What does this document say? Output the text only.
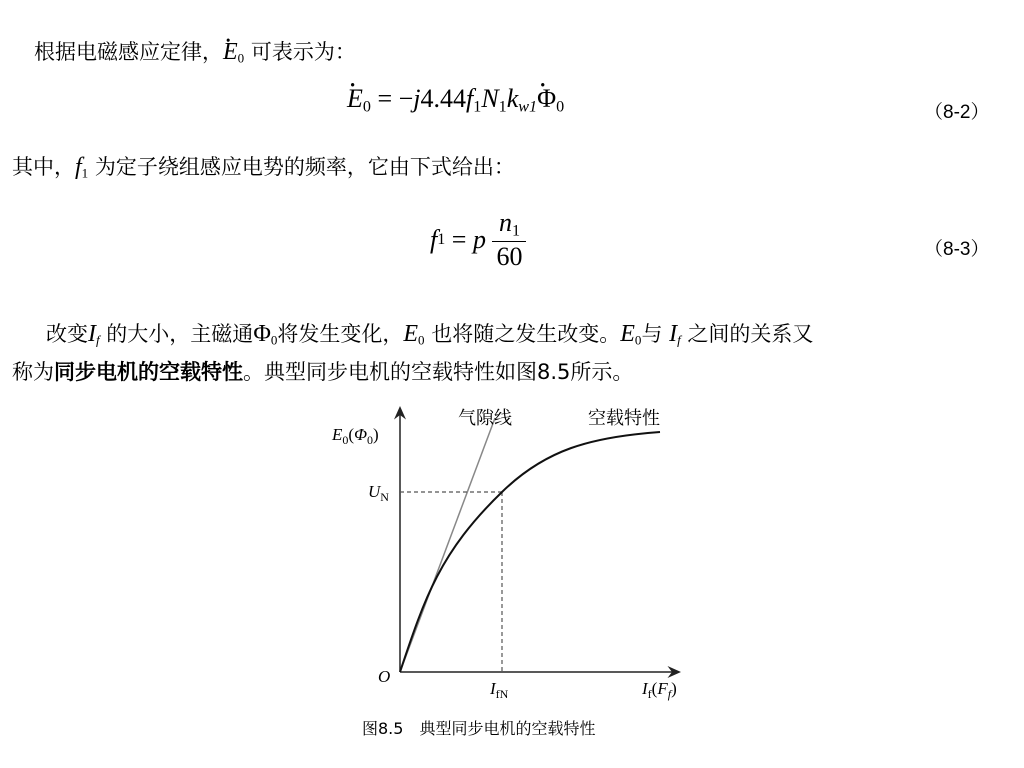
根据电磁感应定律，• $E_0$ 可表示为：
• $E_0$ = $-j4.44f_1N_1k_{w1}•$ $\Phi_0$	（8-2）
其中，$f_1$ 为定子绕组感应电势的频率，它由下式给出：
f 1 = p
$\frac{n_1}{60}$	（8-3）
改变$I_f$ 的大小，主磁通$\Phi_0$将发生变化，$E_0$ 也将随之发生改变。$E_0$与 $I_f$ 之间的关系又
称为同步电机的空载特性。典型同步电机的空载特性如图8.5所示。
$E_0(\Phi_0)$
$U_N$
O
$I_{fN}$	$I_f(F_f)$
气隙线	空载特性
图8.5　典型同步电机的空载特性
